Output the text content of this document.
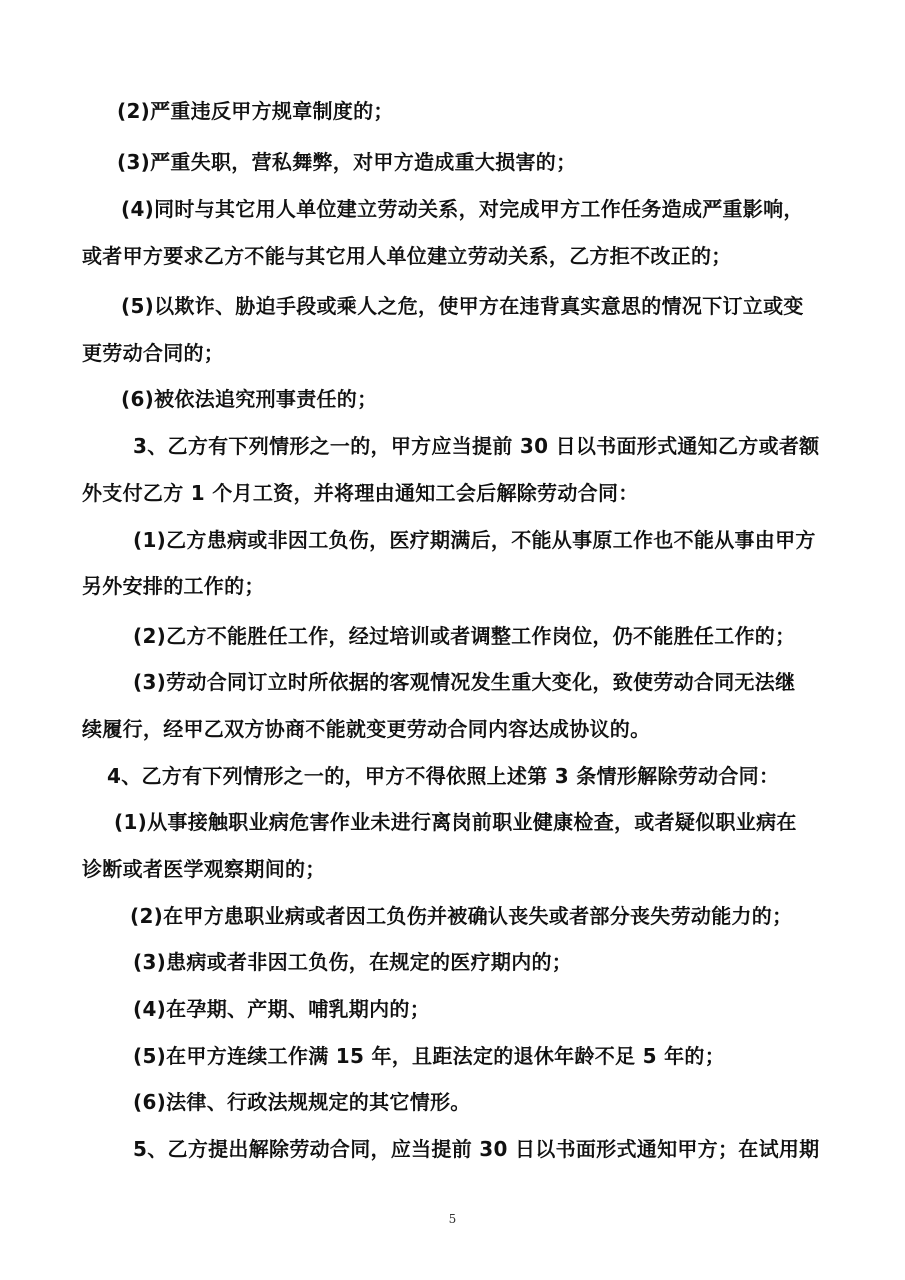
(2)严重违反甲方规章制度的；
(3)严重失职，营私舞弊，对甲方造成重大损害的；
(4)同时与其它用人单位建立劳动关系，对完成甲方工作任务造成严重影响，
或者甲方要求乙方不能与其它用人单位建立劳动关系，乙方拒不改正的；
(5)以欺诈、胁迫手段或乘人之危，使甲方在违背真实意思的情况下订立或变
更劳动合同的；
(6)被依法追究刑事责任的；
3、乙方有下列情形之一的，甲方应当提前 30 日以书面形式通知乙方或者额
外支付乙方 1 个月工资，并将理由通知工会后解除劳动合同：
(1)乙方患病或非因工负伤，医疗期满后，不能从事原工作也不能从事由甲方
另外安排的工作的；
(2)乙方不能胜任工作，经过培训或者调整工作岗位，仍不能胜任工作的；
(3)劳动合同订立时所依据的客观情况发生重大变化，致使劳动合同无法继
续履行，经甲乙双方协商不能就变更劳动合同内容达成协议的。
4、乙方有下列情形之一的，甲方不得依照上述第 3 条情形解除劳动合同：
(1)从事接触职业病危害作业未进行离岗前职业健康检查，或者疑似职业病在
诊断或者医学观察期间的；
(2)在甲方患职业病或者因工负伤并被确认丧失或者部分丧失劳动能力的；
(3)患病或者非因工负伤，在规定的医疗期内的；
(4)在孕期、产期、哺乳期内的；
(5)在甲方连续工作满 15 年，且距法定的退休年龄不足 5 年的；
(6)法律、行政法规规定的其它情形。
5、乙方提出解除劳动合同，应当提前 30 日以书面形式通知甲方；在试用期
5
